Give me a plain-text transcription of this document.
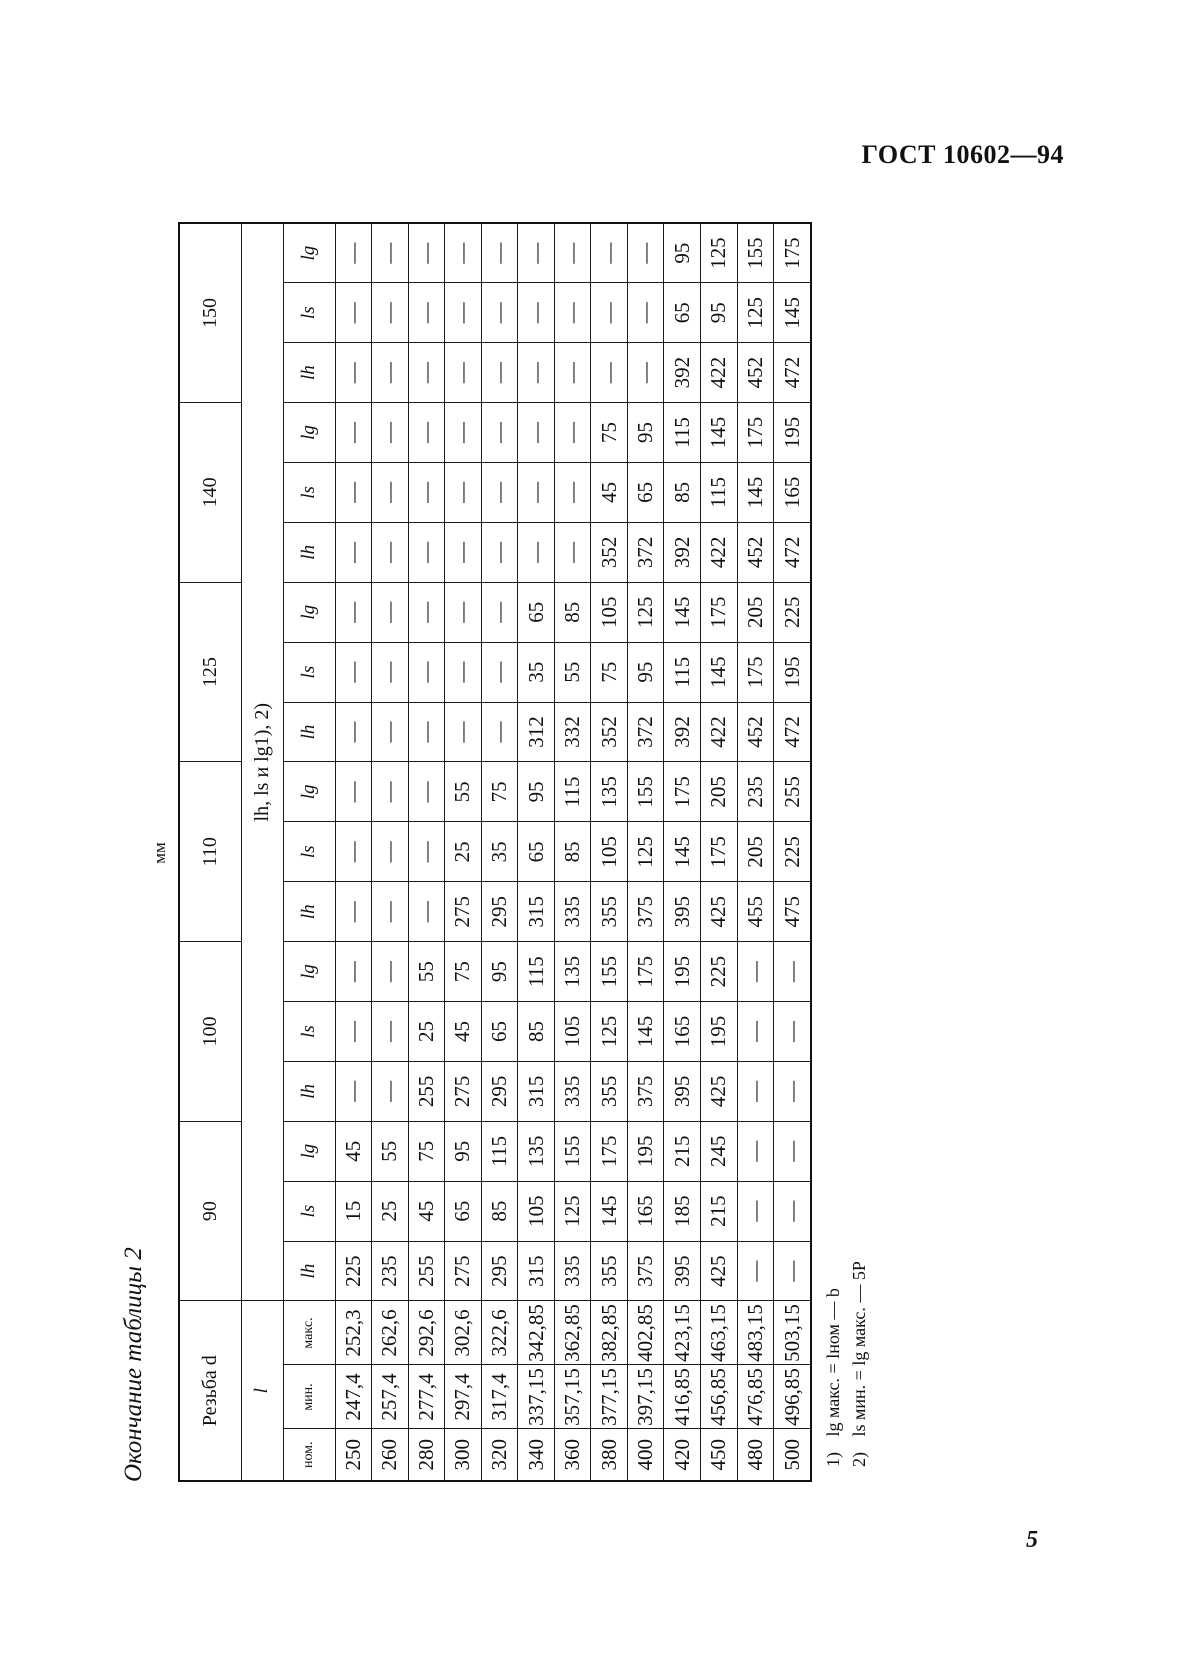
ГОСТ 10602—94
Окончание таблицы 2
мм
Резьба d			90			100			110			125			140			150		
l			lh, ls и lg1), 2)																	
ном.	мин.	макс.	lh	ls	lg	lh	ls	lg	lh	ls	lg	lh	ls	lg	lh	ls	lg	lh	ls	lg
250	247,4	252,3	225	15	45	—	—	—	—	—	—	—	—	—	—	—	—	—	—	—
260	257,4	262,6	235	25	55	—	—	—	—	—	—	—	—	—	—	—	—	—	—	—
280	277,4	292,6	255	45	75	255	25	55	—	—	—	—	—	—	—	—	—	—	—	—
300	297,4	302,6	275	65	95	275	45	75	275	25	55	—	—	—	—	—	—	—	—	—
320	317,4	322,6	295	85	115	295	65	95	295	35	75	—	—	—	—	—	—	—	—	—
340	337,15	342,85	315	105	135	315	85	115	315	65	95	312	35	65	—	—	—	—	—	—
360	357,15	362,85	335	125	155	335	105	135	335	85	115	332	55	85	—	—	—	—	—	—
380	377,15	382,85	355	145	175	355	125	155	355	105	135	352	75	105	352	45	75	—	—	—
400	397,15	402,85	375	165	195	375	145	175	375	125	155	372	95	125	372	65	95	—	—	—
420	416,85	423,15	395	185	215	395	165	195	395	145	175	392	115	145	392	85	115	392	65	95
450	456,85	463,15	425	215	245	425	195	225	425	175	205	422	145	175	422	115	145	422	95	125
480	476,85	483,15	—	—	—	—	—	—	455	205	235	452	175	205	452	145	175	452	125	155
500	496,85	503,15	—	—	—	—	—	—	475	225	255	472	195	225	472	165	195	472	145	175
1) lg макс. = lном — b
2) ls мин. = lg макс. — 5P
5
